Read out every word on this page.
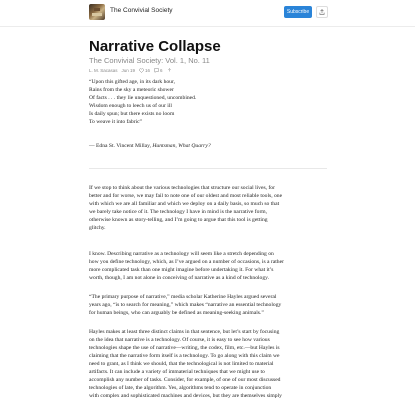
The Convivial Society	Subscribe
Narrative Collapse
The Convivial Society: Vol. 1, No. 11
L. M. Sacasas Jun 19 16 6
“Upon this gifted age, in its dark hour,
Rains from the sky a meteoric shower
Of facts . . . they lie unquestioned, uncombined.
Wisdom enough to leech us of our ill
Is daily spun; but there exists no loom
To weave it into fabric”
— Edna St. Vincent Millay, Huntsman, What Quarry?
If we stop to think about the various technologies that structure our social lives, for
better and for worse, we may fail to note one of our oldest and most reliable tools, one
with which we are all familiar and which we deploy on a daily basis, so much so that
we barely take notice of it. The technology I have in mind is the narrative form,
otherwise known as story-telling, and I’m going to argue that this tool is getting
glitchy.
I know. Describing narrative as a technology will seem like a stretch depending on
how you define technology, which, as I’ve argued on a number of occasions, is a rather
more complicated task than one might imagine before undertaking it. For what it’s
worth, though, I am not alone in conceiving of narrative as a kind of technology.
“The primary purpose of narrative,” media scholar Katherine Hayles argued several
years ago, “is to search for meaning,” which makes “narrative an essential technology
for human beings, who can arguably be defined as meaning-seeking animals.”
Hayles makes at least three distinct claims in that sentence, but let’s start by focusing
on the idea that narrative is a technology. Of course, it is easy to see how various
technologies shape the use of narrative—writing, the codex, film, etc.—but Hayles is
claiming that the narrative form itself is a technology. To go along with this claim we
need to grant, as I think we should, that the technological is not limited to material
artifacts. It can include a variety of immaterial techniques that we might use to
accomplish any number of tasks. Consider, for example, of one of our most discussed
technologies of late, the algorithm. Yes, algorithms tend to operate in conjunction
with complex and sophisticated machines and devices, but they are themselves simply
